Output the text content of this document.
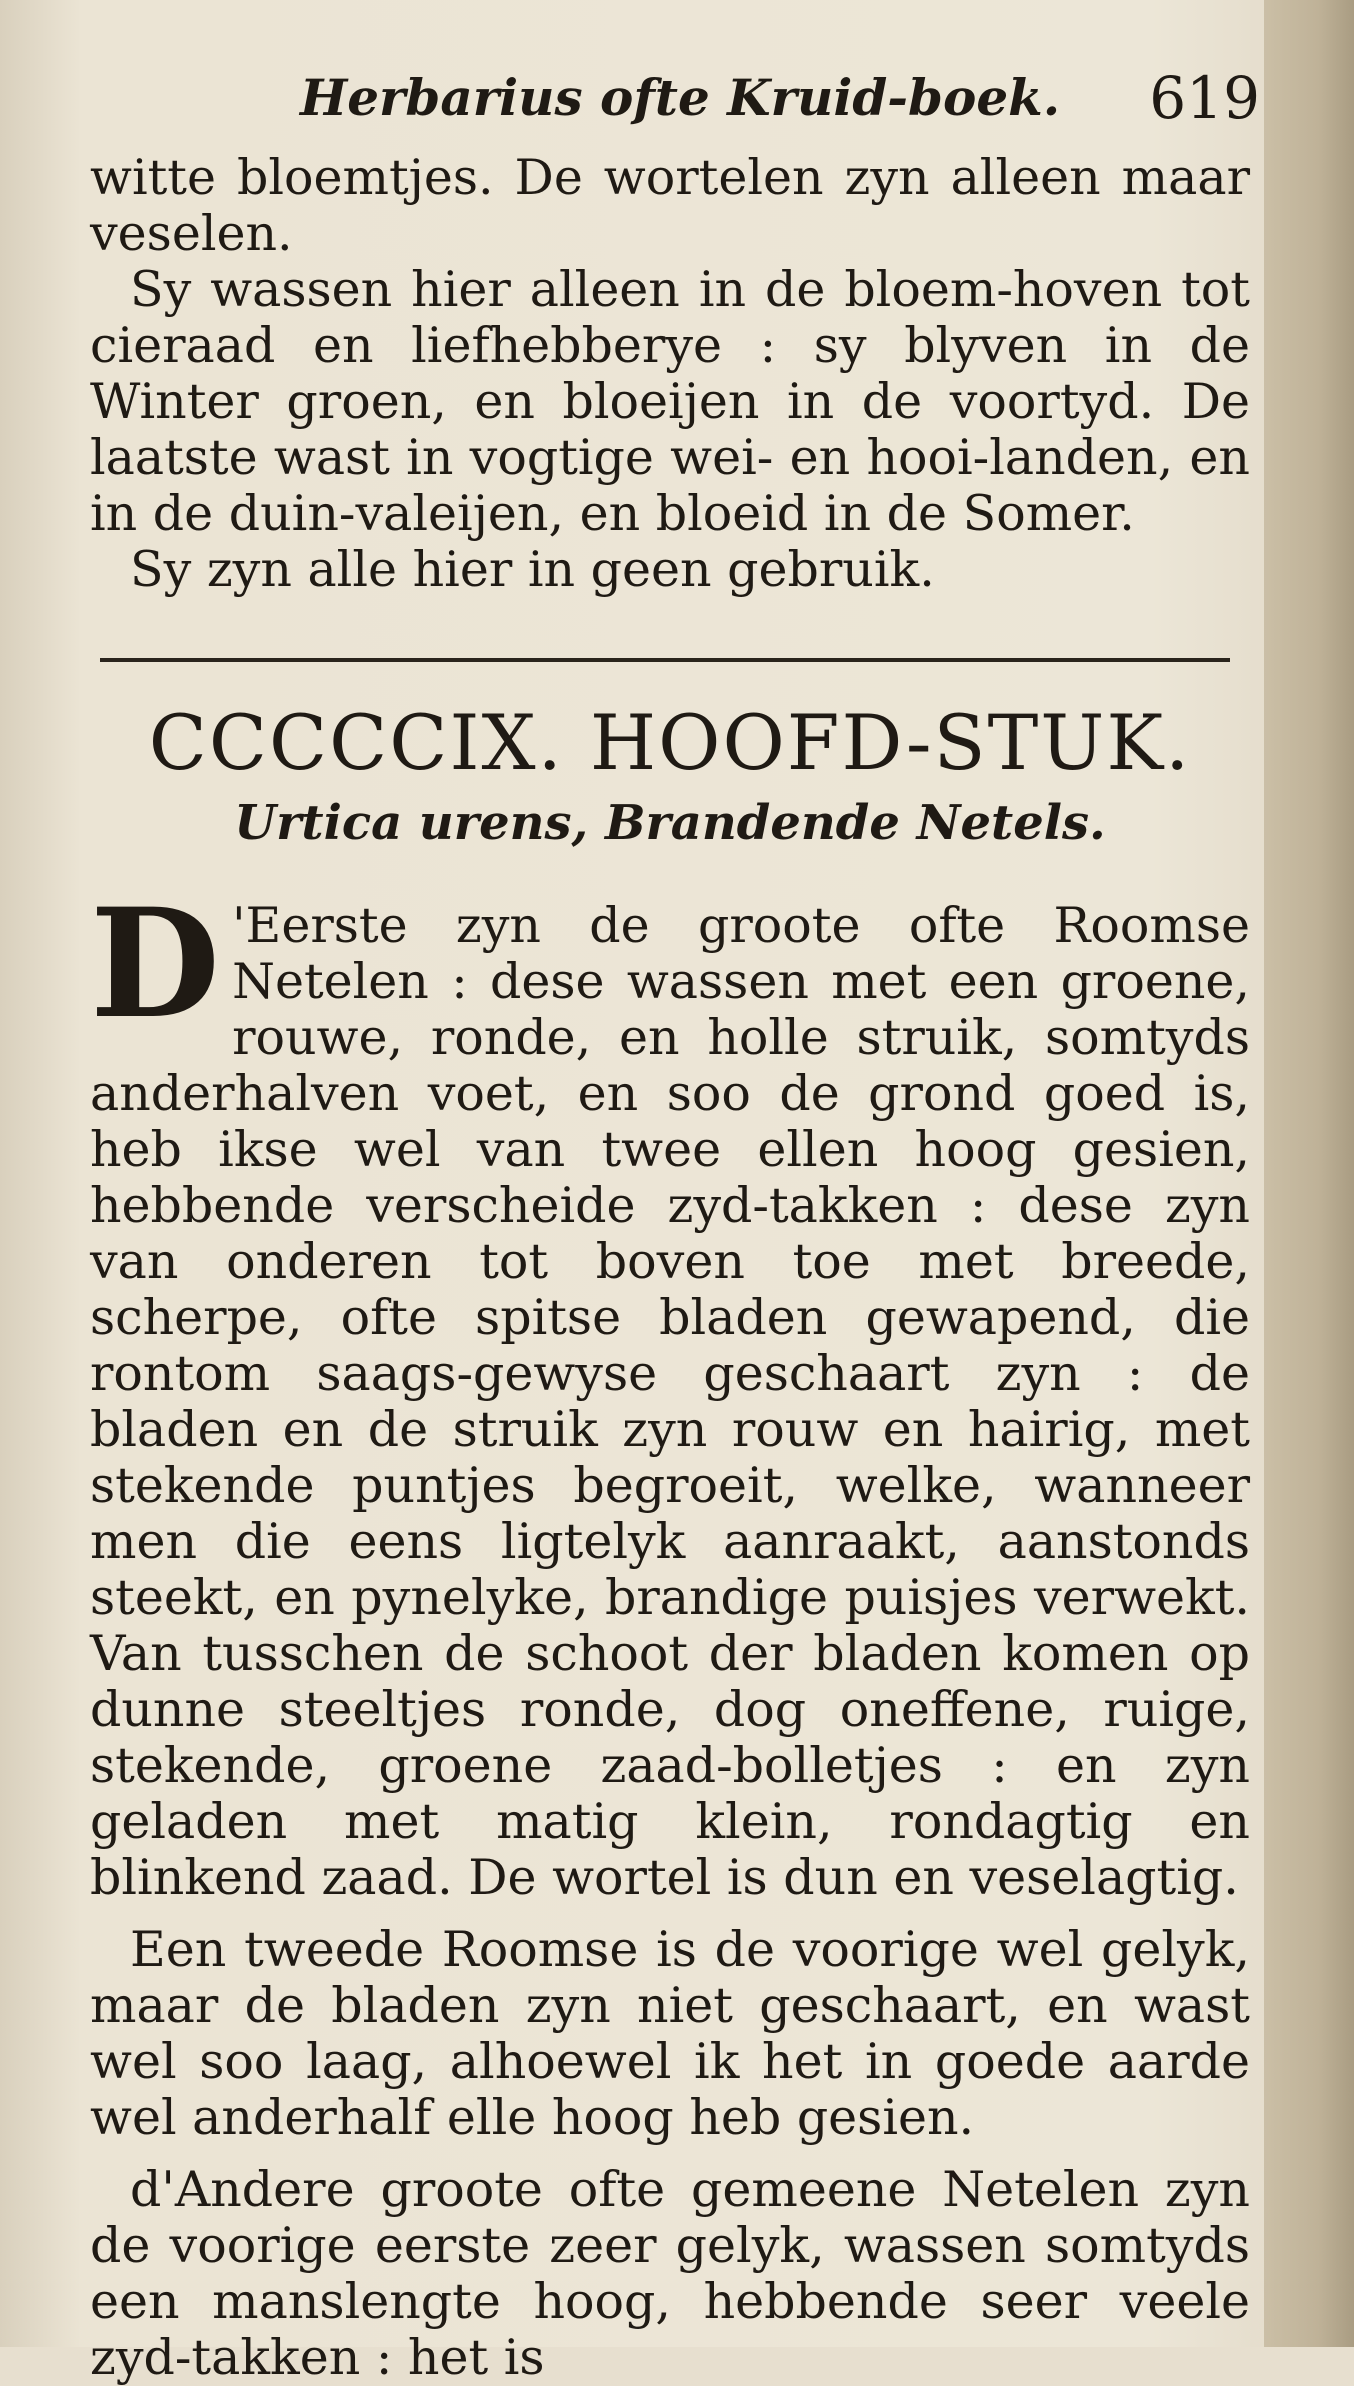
Herbarius ofte Kruid-boek. 619

witte bloemtjes. De wortelen zyn alleen maar veselen.

Sy wassen hier alleen in de bloem-hoven tot cieraad en liefhebberye : sy blyven in de Winter groen, en bloeijen in de voortyd. De laatste wast in vogtige wei- en hooi-landen, en in de duin-valeijen, en bloeid in de Somer.

Sy zyn alle hier in geen gebruik.

CCCCCIX. HOOFD-STUK.
Urtica urens, Brandende Netels.

D 'Eerste zyn de groote ofte Roomse Netelen : dese wassen met een groene, rouwe, ronde, en holle struik, somtyds anderhalven voet, en soo de grond goed is, heb ikse wel van twee ellen hoog gesien, hebbende verscheide zyd-takken : dese zyn van onderen tot boven toe met breede, scherpe, ofte spitse bladen gewapend, die rontom saags-gewyse geschaart zyn : de bladen en de struik zyn rouw en hairig, met stekende puntjes begroeit, welke, wanneer men die eens ligtelyk aanraakt, aanstonds steekt, en pynelyke, brandige puisjes verwekt. Van tusschen de schoot der bladen komen op dunne steeltjes ronde, dog oneffene, ruige, stekende, groene zaad-bolletjes : en zyn geladen met matig klein, rondagtig en blinkend zaad. De wortel is dun en veselagtig.

Een tweede Roomse is de voorige wel gelyk, maar de bladen zyn niet geschaart, en wast wel soo laag, alhoewel ik het in goede aarde wel anderhalf elle hoog heb gesien.

d'Andere groote ofte gemeene Netelen zyn de voorige eerste zeer gelyk, wassen somtyds een manslengte hoog, hebbende seer veele zyd-takken : het is
